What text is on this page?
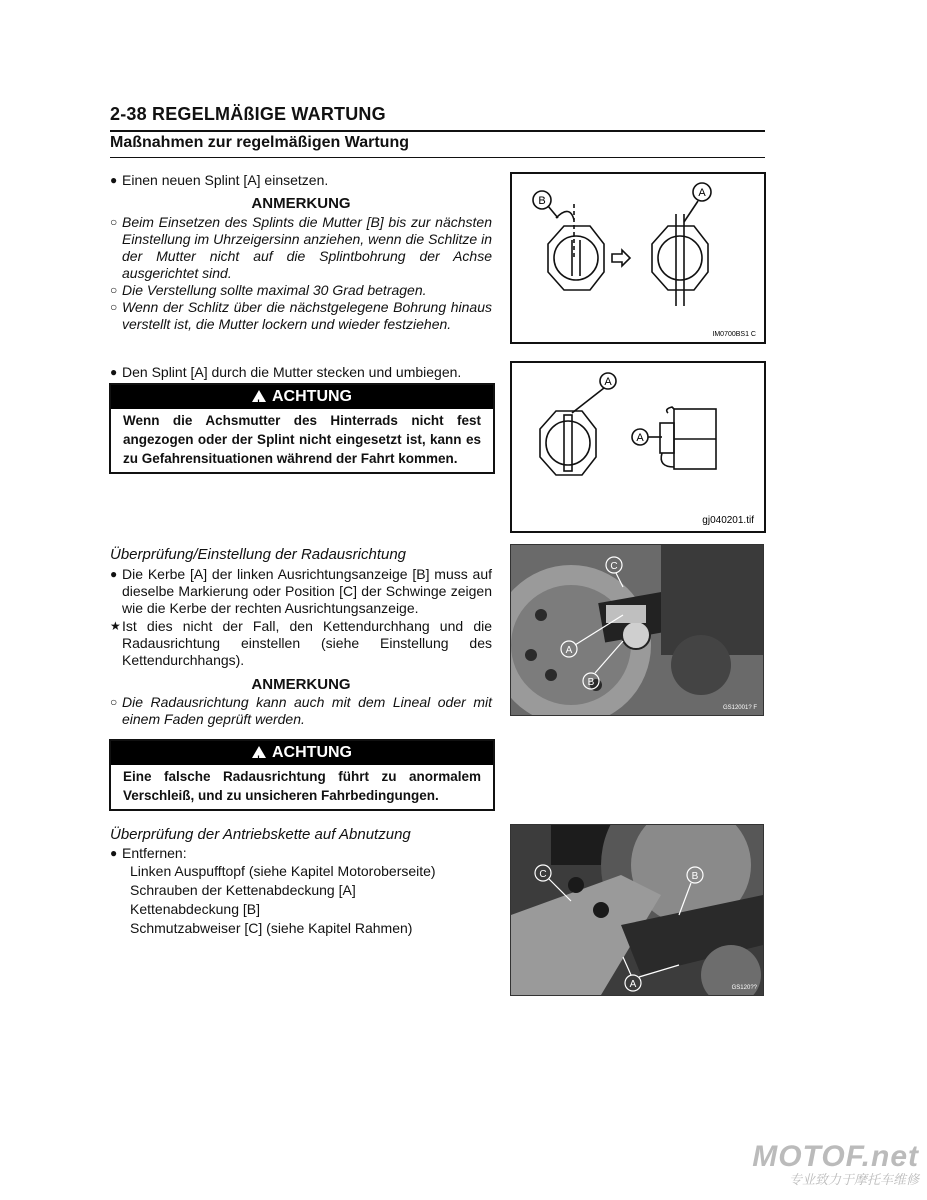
2-38 REGELMÄßIGE WARTUNG
Maßnahmen zur regelmäßigen Wartung
● Einen neuen Splint [A] einsetzen.
ANMERKUNG
○ Beim Einsetzen des Splints die Mutter [B] bis zur nächsten Einstellung im Uhrzeigersinn anziehen, wenn die Schlitze in der Mutter nicht auf die Splintbohrung der Achse ausgerichtet sind.
○ Die Verstellung sollte maximal 30 Grad betragen.
○ Wenn der Schlitz über die nächstgelegene Bohrung hinaus verstellt ist, die Mutter lockern und wieder festziehen.
● Den Splint [A] durch die Mutter stecken und umbiegen.
!ACHTUNG
Wenn die Achsmutter des Hinterrads nicht fest angezogen oder der Splint nicht eingesetzt ist, kann es zu Gefahrensituationen während der Fahrt kommen.
B
A
IM0700BS1 C
A
A
gj040201.tif
Überprüfung/Einstellung der Radausrichtung
● Die Kerbe [A] der linken Ausrichtungsanzeige [B] muss auf dieselbe Markierung oder Position [C] der Schwinge zeigen wie die Kerbe der rechten Ausrichtungsanzeige.
★ Ist dies nicht der Fall, den Kettendurchhang und die Radausrichtung einstellen (siehe Einstellung des Kettendurchhangs).
ANMERKUNG
○ Die Radausrichtung kann auch mit dem Lineal oder mit einem Faden geprüft werden.
!ACHTUNG
Eine falsche Radausrichtung führt zu anormalem Verschleiß, und zu unsicheren Fahrbedingungen.
C
A
B
GS12001? F
Überprüfung der Antriebskette auf Abnutzung
● Entfernen:
Linken Auspufftopf (siehe Kapitel Motoroberseite)
Schrauben der Kettenabdeckung [A]
Kettenabdeckung [B]
Schmutzabweiser [C] (siehe Kapitel Rahmen)
C	B
A	GS120??
MOTOF.net
专业致力于摩托车维修
